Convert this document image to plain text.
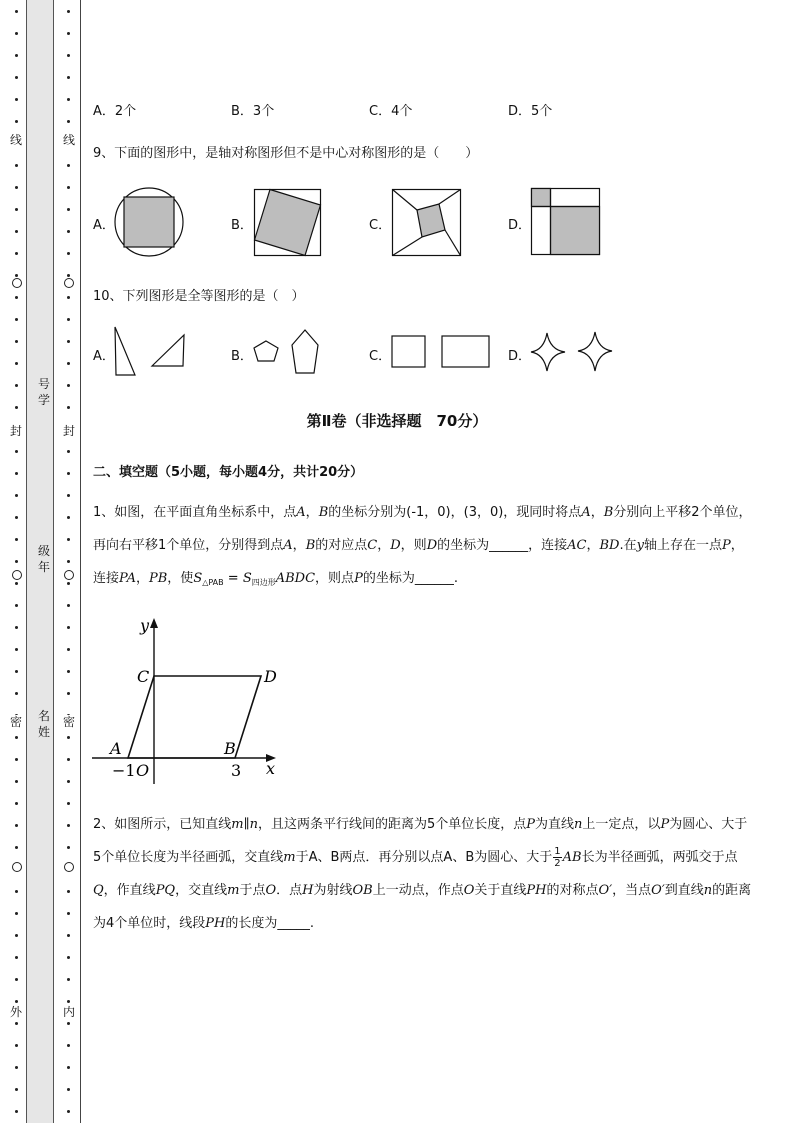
线
封
密
外
线
封
密
内
号学
级年
名姓
A．2个	B．3个	C．4个	D．5个
9、下面的图形中，是轴对称图形但不是中心对称图形的是（　　）
A．	B．	C．	D．
10、下列图形是全等图形的是（　）
A．	B．	C．	D．
第Ⅱ卷（非选择题　70分）
二、填空题（5小题，每小题4分，共计20分）
1、如图，在平面直角坐标系中，点A，B的坐标分别为(-1，0)，(3，0)，现同时将点A，B分别向上平移2个单位，再向右平移1个单位，分别得到点A，B的对应点C，D，则D的坐标为______，连接AC，BD.在y轴上存在一点P，连接PA，PB，使$S_{\triangle PAB}$ = $S_{四边形}ABDC$，则点P的坐标为______.
y
x
C	D
A	B
O
−1	3
2、如图所示，已知直线m∥n，且这两条平行线间的距离为5个单位长度，点P为直线n上一定点，以P为圆心、大于5个单位长度为半径画弧，交直线m于A、B两点．再分别以点A、B为圆心、大于 $\frac{1}{2}$ AB长为半径画弧，两弧交于点Q，作直线PQ，交直线m于点O．点H为射线OB上一动点，作点O关于直线PH的对称点O′，当点O′到直线n的距离为4个单位时，线段PH的长度为_____.
